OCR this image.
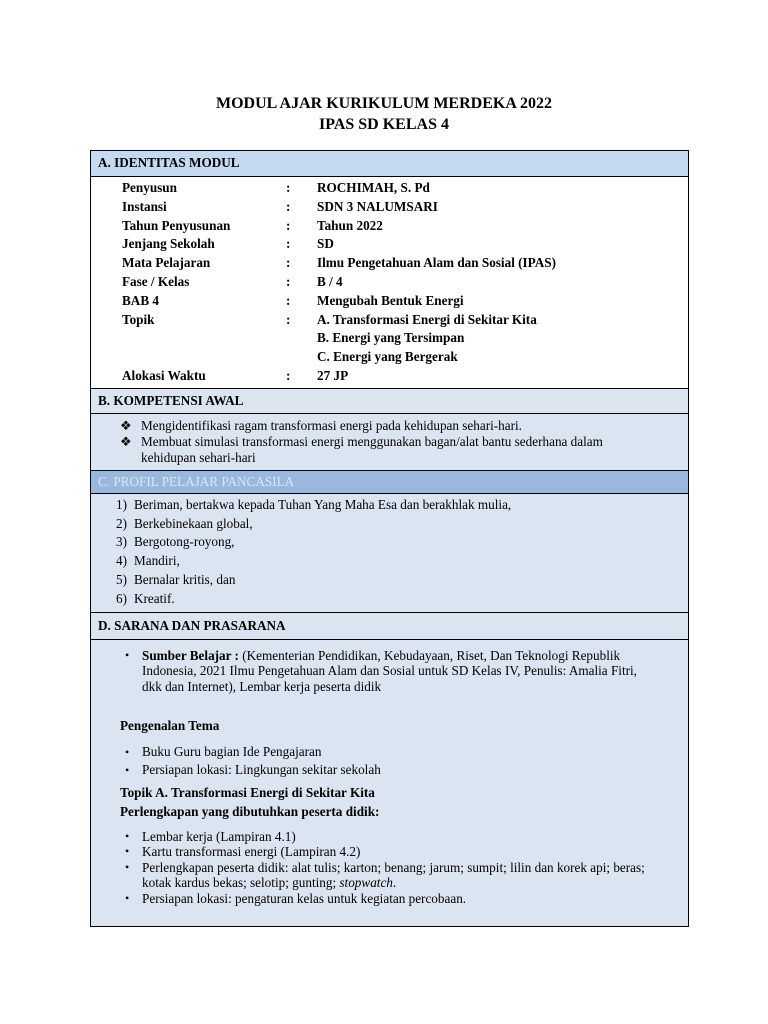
MODUL AJAR KURIKULUM MERDEKA 2022
IPAS SD KELAS 4
A. IDENTITAS MODUL
Penyusun	:	ROCHIMAH, S. Pd
Instansi	:	SDN 3 NALUMSARI
Tahun Penyusunan	:	Tahun 2022
Jenjang Sekolah	:	SD
Mata Pelajaran	:	Ilmu Pengetahuan Alam dan Sosial (IPAS)
Fase / Kelas	:	B / 4
BAB 4	:	Mengubah Bentuk Energi
Topik	:	A. Transformasi Energi di Sekitar Kita
B. Energi yang Tersimpan
C. Energi yang Bergerak
Alokasi Waktu	:	27 JP
B. KOMPETENSI AWAL
❖ Mengidentifikasi ragam transformasi energi pada kehidupan sehari-hari.
❖ Membuat simulasi transformasi energi menggunakan bagan/alat bantu sederhana dalam kehidupan sehari-hari
C. PROFIL PELAJAR PANCASILA
1) Beriman, bertakwa kepada Tuhan Yang Maha Esa dan berakhlak mulia,
2) Berkebinekaan global,
3) Bergotong-royong,
4) Mandiri,
5) Bernalar kritis, dan
6) Kreatif.
D. SARANA DAN PRASARANA
• Sumber Belajar : (Kementerian Pendidikan, Kebudayaan, Riset, Dan Teknologi Republik Indonesia, 2021 Ilmu Pengetahuan Alam dan Sosial untuk SD Kelas IV, Penulis: Amalia Fitri, dkk dan Internet), Lembar kerja peserta didik
Pengenalan Tema
• Buku Guru bagian Ide Pengajaran
• Persiapan lokasi: Lingkungan sekitar sekolah
Topik A. Transformasi Energi di Sekitar Kita
Perlengkapan yang dibutuhkan peserta didik:
• Lembar kerja (Lampiran 4.1)
• Kartu transformasi energi (Lampiran 4.2)
• Perlengkapan peserta didik: alat tulis; karton; benang; jarum; sumpit; lilin dan korek api; beras; kotak kardus bekas; selotip; gunting; stopwatch.
• Persiapan lokasi: pengaturan kelas untuk kegiatan percobaan.
